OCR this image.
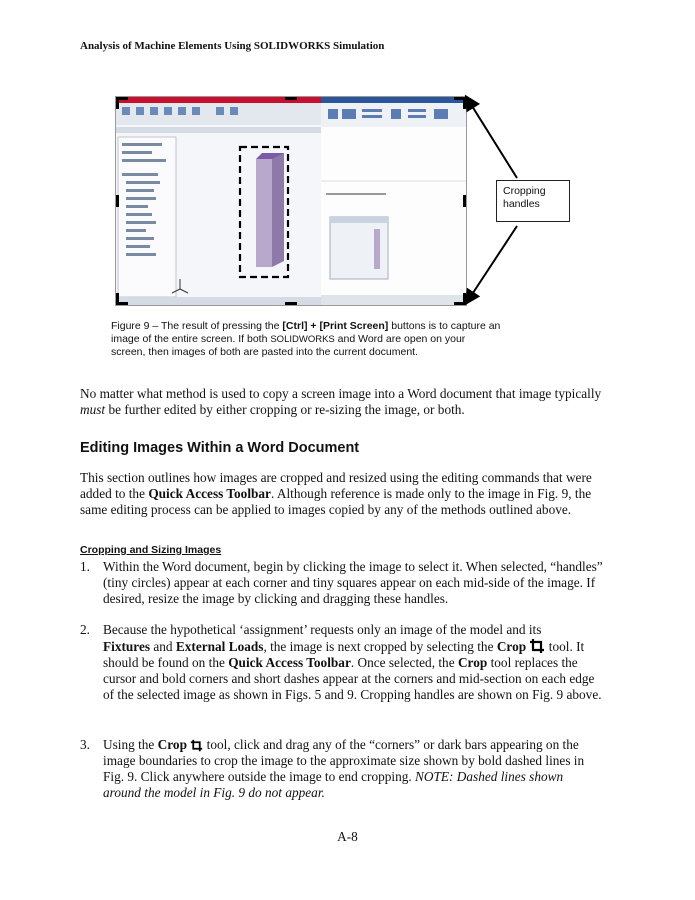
Analysis of Machine Elements Using SOLIDWORKS Simulation
Cropping
handles
Figure 9 – The result of pressing the [Ctrl] + [Print Screen] buttons is to capture an image of the entire screen. If both SOLIDWORKS and Word are open on your screen, then images of both are pasted into the current document.

No matter what method is used to copy a screen image into a Word document that image typically must be further edited by either cropping or re-sizing the image, or both.

Editing Images Within a Word Document

This section outlines how images are cropped and resized using the editing commands that were added to the Quick Access Toolbar. Although reference is made only to the image in Fig. 9, the same editing process can be applied to images copied by any of the methods outlined above.

Cropping and Sizing Images
1. Within the Word document, begin by clicking the image to select it. When selected, “handles” (tiny circles) appear at each corner and tiny squares appear on each mid-side of the image. If desired, resize the image by clicking and dragging these handles.
2. Because the hypothetical ‘assignment’ requests only an image of the model and its
Fixtures and External Loads, the image is next cropped by selecting the Crop  tool. It should be found on the Quick Access Toolbar. Once selected, the Crop tool replaces the cursor and bold corners and short dashes appear at the corners and mid-section on each edge of the selected image as shown in Figs. 5 and 9. Cropping handles are shown on Fig. 9 above.
3. Using the Crop  tool, click and drag any of the “corners” or dark bars appearing on the image boundaries to crop the image to the approximate size shown by bold dashed lines in Fig. 9. Click anywhere outside the image to end cropping. NOTE: Dashed lines shown around the model in Fig. 9 do not appear.
A-8
